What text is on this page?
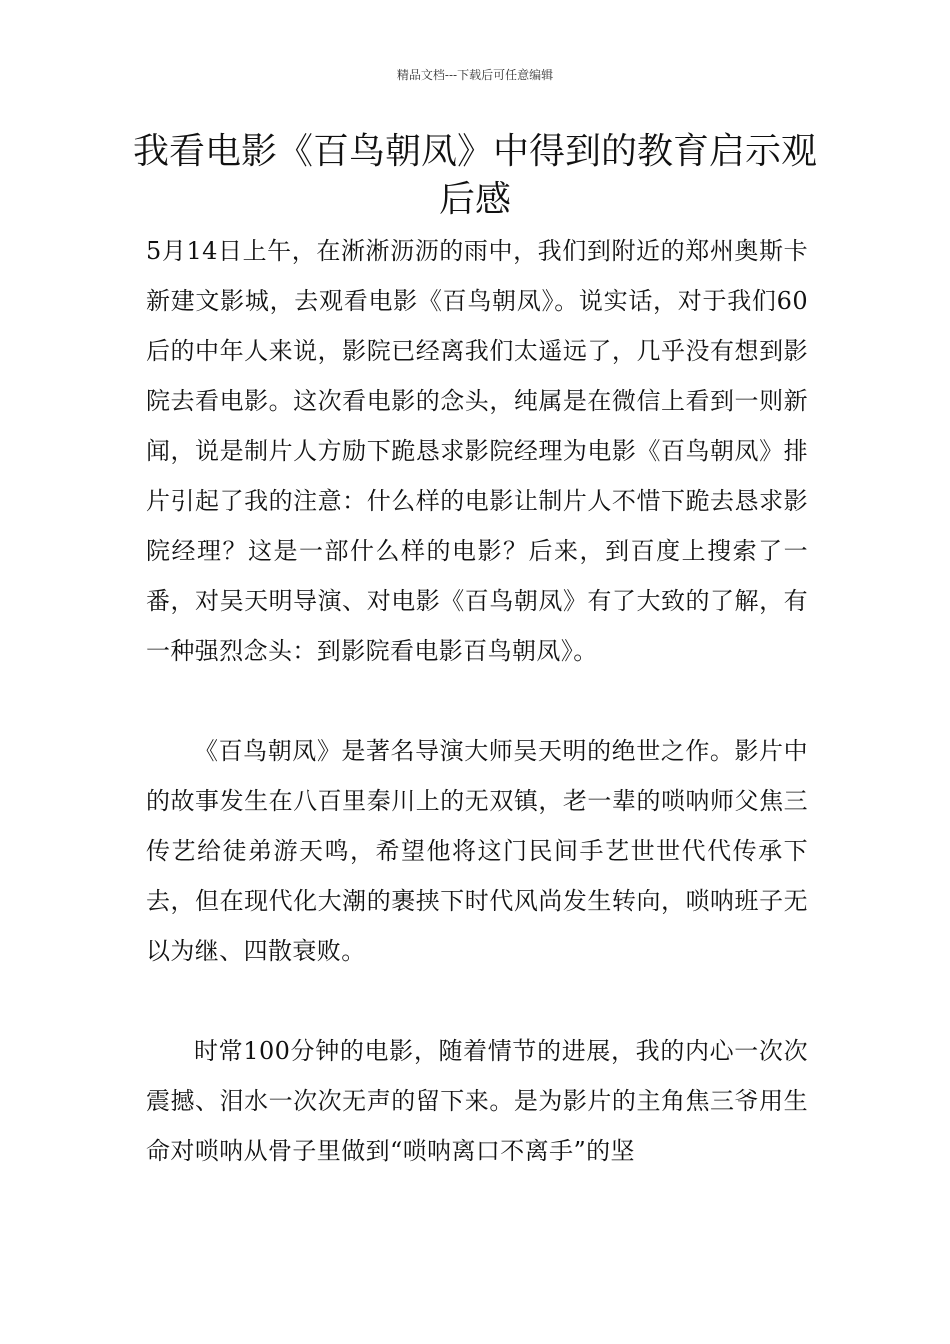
精品文档---下载后可任意编辑
我看电影《百鸟朝凤》中得到的教育启示观后感

5月14日上午，在淅淅沥沥的雨中，我们到附近的郑州奥斯卡新建文影城，去观看电影《百鸟朝凤》。说实话，对于我们60后的中年人来说，影院已经离我们太遥远了，几乎没有想到影院去看电影。这次看电影的念头，纯属是在微信上看到一则新闻，说是制片人方励下跪恳求影院经理为电影《百鸟朝凤》排片引起了我的注意：什么样的电影让制片人不惜下跪去恳求影院经理？这是一部什么样的电影？后来，到百度上搜索了一番，对吴天明导演、对电影《百鸟朝凤》有了大致的了解，有一种强烈念头：到影院看电影百鸟朝凤》。

《百鸟朝凤》是著名导演大师吴天明的绝世之作。影片中的故事发生在八百里秦川上的无双镇，老一辈的唢呐师父焦三传艺给徒弟游天鸣，希望他将这门民间手艺世世代代传承下去，但在现代化大潮的裹挟下时代风尚发生转向，唢呐班子无以为继、四散衰败。

时常100分钟的电影，随着情节的进展，我的内心一次次震撼、泪水一次次无声的留下来。是为影片的主角焦三爷用生命对唢呐从骨子里做到“唢呐离口不离手”的坚
